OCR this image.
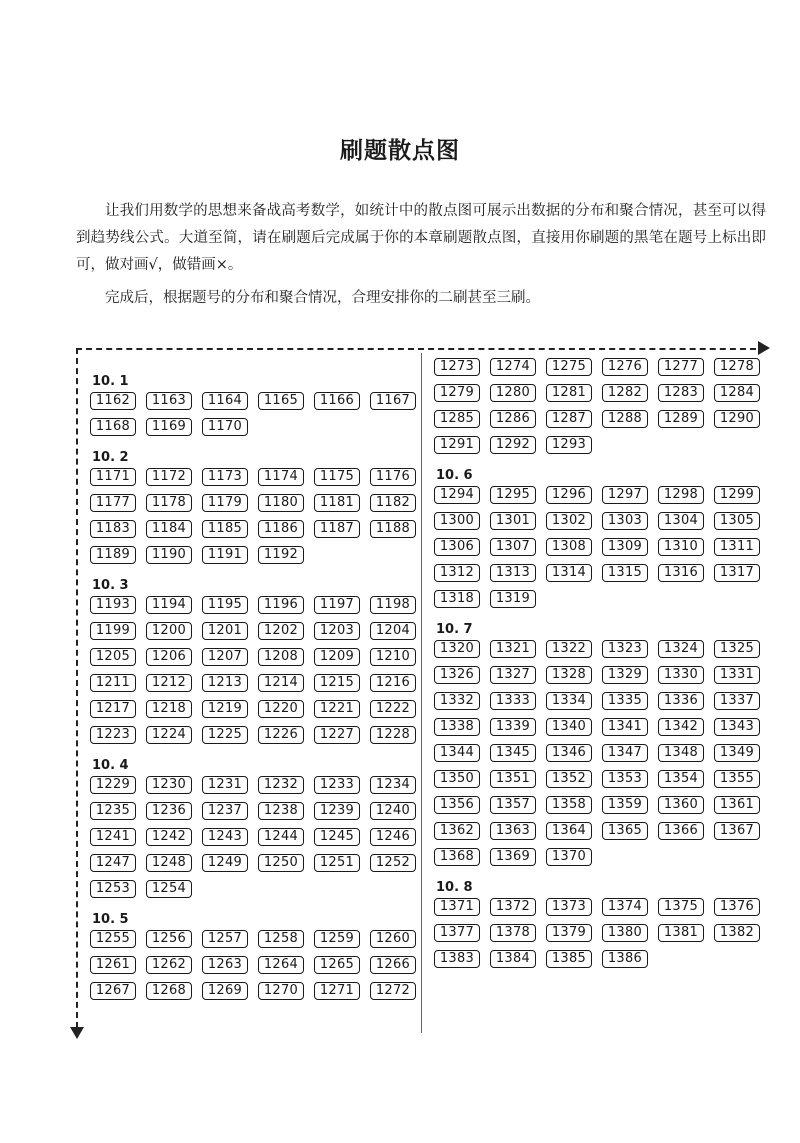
刷题散点图

让我们用数学的思想来备战高考数学，如统计中的散点图可展示出数据的分布和聚合情况，甚至可以得到趋势线公式。大道至简，请在刷题后完成属于你的本章刷题散点图，直接用你刷题的黑笔在题号上标出即可，做对画√，做错画×。

完成后，根据题号的分布和聚合情况，合理安排你的二刷甚至三刷。

10. 1
1162	1163	1164	1165	1166	1167
1168	1169	1170
10. 2
1171	1172	1173	1174	1175	1176
1177	1178	1179	1180	1181	1182
1183	1184	1185	1186	1187	1188
1189	1190	1191	1192
10. 3
1193	1194	1195	1196	1197	1198
1199	1200	1201	1202	1203	1204
1205	1206	1207	1208	1209	1210
1211	1212	1213	1214	1215	1216
1217	1218	1219	1220	1221	1222
1223	1224	1225	1226	1227	1228
10. 4
1229	1230	1231	1232	1233	1234
1235	1236	1237	1238	1239	1240
1241	1242	1243	1244	1245	1246
1247	1248	1249	1250	1251	1252
1253	1254
10. 5
1255	1256	1257	1258	1259	1260
1261	1262	1263	1264	1265	1266
1267	1268	1269	1270	1271	1272
1273	1274	1275	1276	1277	1278
1279	1280	1281	1282	1283	1284
1285	1286	1287	1288	1289	1290
1291	1292	1293
10. 6
1294	1295	1296	1297	1298	1299
1300	1301	1302	1303	1304	1305
1306	1307	1308	1309	1310	1311
1312	1313	1314	1315	1316	1317
1318	1319
10. 7
1320	1321	1322	1323	1324	1325
1326	1327	1328	1329	1330	1331
1332	1333	1334	1335	1336	1337
1338	1339	1340	1341	1342	1343
1344	1345	1346	1347	1348	1349
1350	1351	1352	1353	1354	1355
1356	1357	1358	1359	1360	1361
1362	1363	1364	1365	1366	1367
1368	1369	1370
10. 8
1371	1372	1373	1374	1375	1376
1377	1378	1379	1380	1381	1382
1383	1384	1385	1386
